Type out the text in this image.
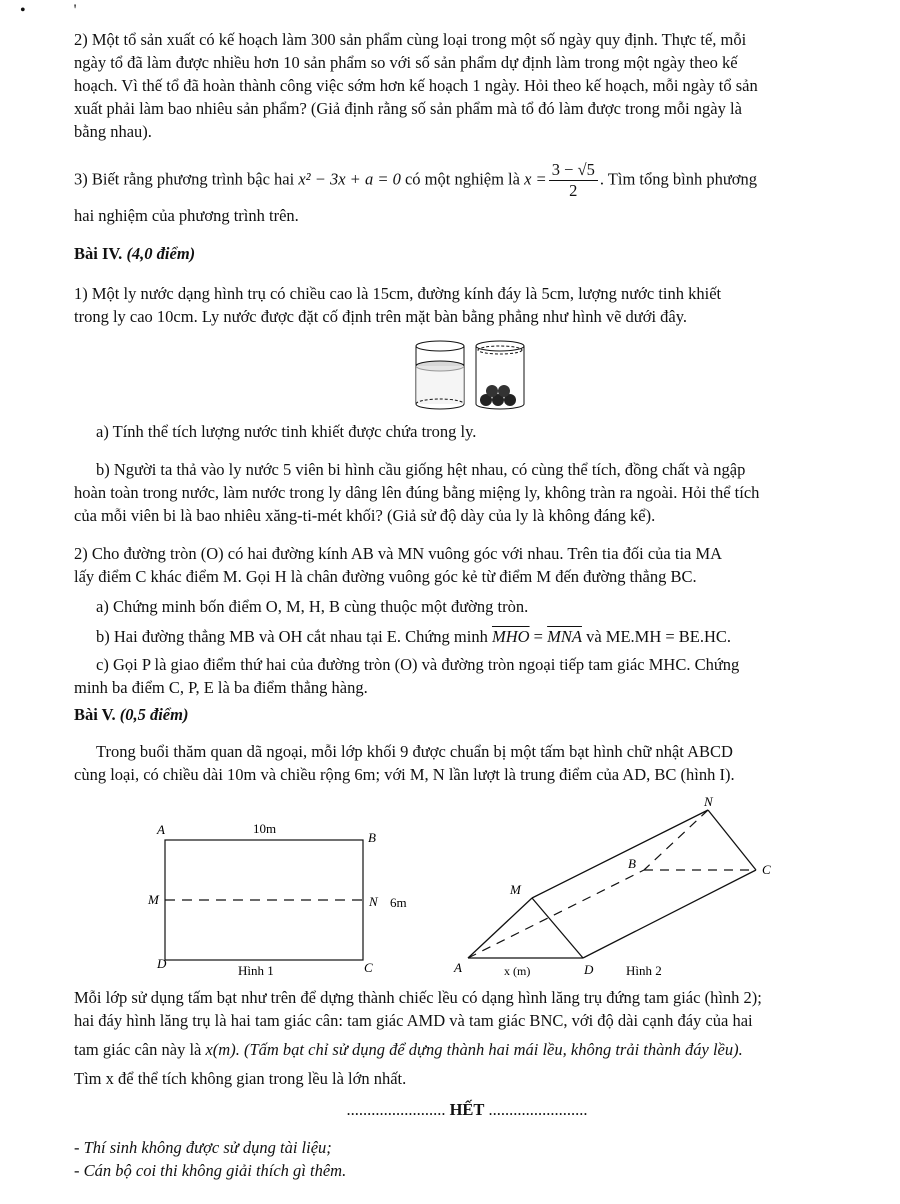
•            '
2) Một tổ sản xuất có kế hoạch làm 300 sản phẩm cùng loại trong một số ngày quy định. Thực tế, mỗi
ngày tổ đã làm được nhiều hơn 10 sản phẩm so với số sản phẩm dự định làm trong một ngày theo kế
hoạch. Vì thế tổ đã hoàn thành công việc sớm hơn kế hoạch 1 ngày. Hỏi theo kế hoạch, mỗi ngày tổ sản
xuất phải làm bao nhiêu sản phẩm? (Giả định rằng số sản phẩm mà tổ đó làm được trong mỗi ngày là
bằng nhau).
3) Biết rằng phương trình bậc hai x² − 3x + a = 0 có một nghiệm là $x = \frac{3 - √5}{2}$ . Tìm tổng bình phương
hai nghiệm của phương trình trên.
Bài IV. (4,0 điểm)
1) Một ly nước dạng hình trụ có chiều cao là 15cm, đường kính đáy là 5cm, lượng nước tinh khiết
trong ly cao 10cm. Ly nước được đặt cố định trên mặt bàn bằng phẳng như hình vẽ dưới đây.
a) Tính thể tích lượng nước tinh khiết được chứa trong ly.
b) Người ta thả vào ly nước 5 viên bi hình cầu giống hệt nhau, có cùng thể tích, đồng chất và ngập
hoàn toàn trong nước, làm nước trong ly dâng lên đúng bằng miệng ly, không tràn ra ngoài. Hỏi thể tích
của mỗi viên bi là bao nhiêu xăng-ti-mét khối? (Giả sử độ dày của ly là không đáng kể).
2) Cho đường tròn (O) có hai đường kính AB và MN vuông góc với nhau. Trên tia đối của tia MA
lấy điểm C khác điểm M. Gọi H là chân đường vuông góc kẻ từ điểm M đến đường thẳng BC.
a) Chứng minh bốn điểm O, M, H, B cùng thuộc một đường tròn.
b) Hai đường thẳng MB và OH cắt nhau tại E. Chứng minh $\overline{MHO} = \overline{MNA}$ và ME.MH = BE.HC.
c) Gọi P là giao điểm thứ hai của đường tròn (O) và đường tròn ngoại tiếp tam giác MHC. Chứng
minh ba điểm C, P, E là ba điểm thẳng hàng.
Bài V. (0,5 điểm)
Trong buổi thăm quan dã ngoại, mỗi lớp khối 9 được chuẩn bị một tấm bạt hình chữ nhật ABCD
cùng loại, có chiều dài 10m và chiều rộng 6m; với M, N lần lượt là trung điểm của AD, BC (hình I).
A
B
C
D
M	N
10m
6m
Hình 1
N
B	C
M
A	D
x (m)	Hình 2
Mỗi lớp sử dụng tấm bạt như trên để dựng thành chiếc lều có dạng hình lăng trụ đứng tam giác (hình 2);
hai đáy hình lăng trụ là hai tam giác cân: tam giác AMD và tam giác BNC, với độ dài cạnh đáy của hai
tam giác cân này là x(m). (Tấm bạt chỉ sử dụng để dựng thành hai mái lều, không trải thành đáy lều).
Tìm x để thể tích không gian trong lều là lớn nhất.
........................ HẾT ........................
- Thí sinh không được sử dụng tài liệu;
- Cán bộ coi thi không giải thích gì thêm.
